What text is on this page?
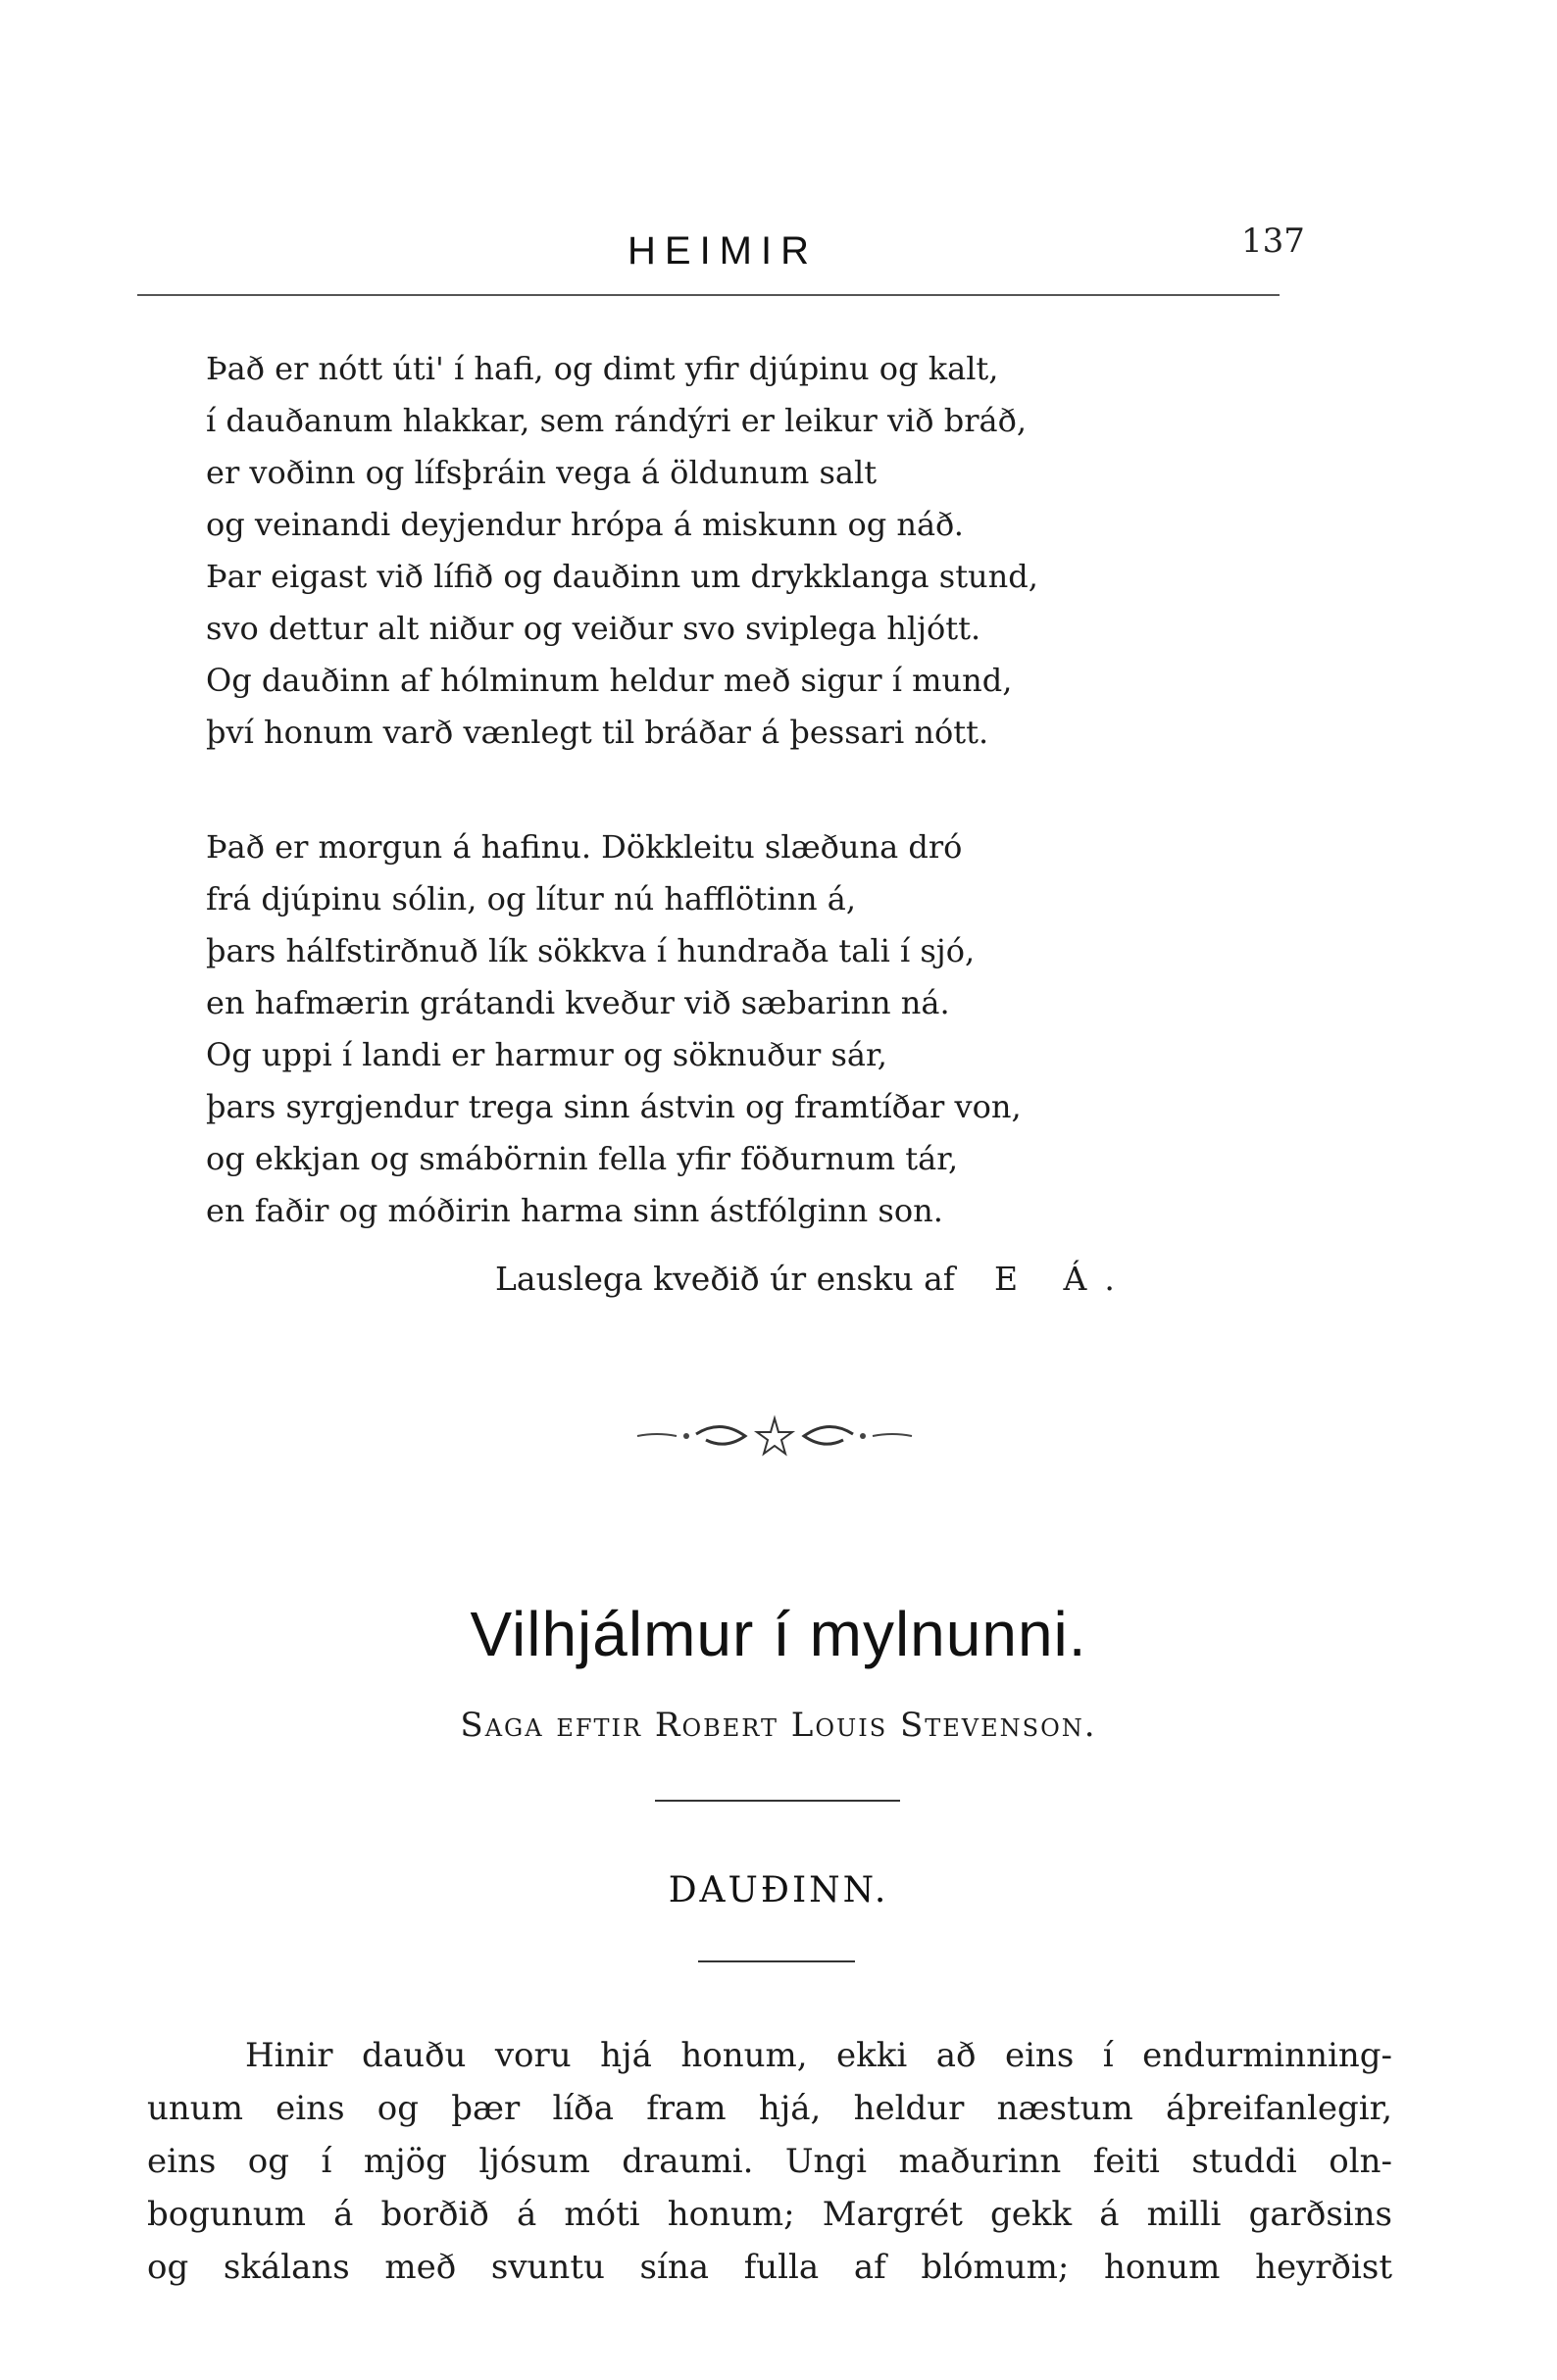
HEIMIR	137
Það er nótt úti' í hafi, og dimt yfir djúpinu og kalt,
í dauðanum hlakkar, sem rándýri er leikur við bráð,
er voðinn og lífsþráin vega á öldunum salt
og veinandi deyjendur hrópa á miskunn og náð.
Þar eigast við lífið og dauðinn um drykklanga stund,
svo dettur alt niður og veiður svo sviplega hljótt.
Og dauðinn af hólminum heldur með sigur í mund,
því honum varð vænlegt til bráðar á þessari nótt.
Það er morgun á hafinu. Dökkleitu slæðuna dró
frá djúpinu sólin, og lítur nú hafflötinn á,
þars hálfstirðnuð lík sökkva í hundraða tali í sjó,
en hafmærin grátandi kveður við sæbarinn ná.
Og uppi í landi er harmur og söknuður sár,
þars syrgjendur trega sinn ástvin og framtíðar von,
og ekkjan og smábörnin fella yfir föðurnum tár,
en faðir og móðirin harma sinn ástfólginn son.
Lauslega kveðið úr ensku af E Á.
Vilhjálmur í mylnunni.
Saga eftir Robert Louis Stevenson.
DAUÐINN.
Hinir dauðu voru hjá honum, ekki að eins í endurminning-
unum eins og þær líða fram hjá, heldur næstum áþreifanlegir,
eins og í mjög ljósum draumi. Ungi maðurinn feiti studdi oln-
bogunum á borðið á móti honum; Margrét gekk á milli garðsins
og skálans með svuntu sína fulla af blómum; honum heyrðist
